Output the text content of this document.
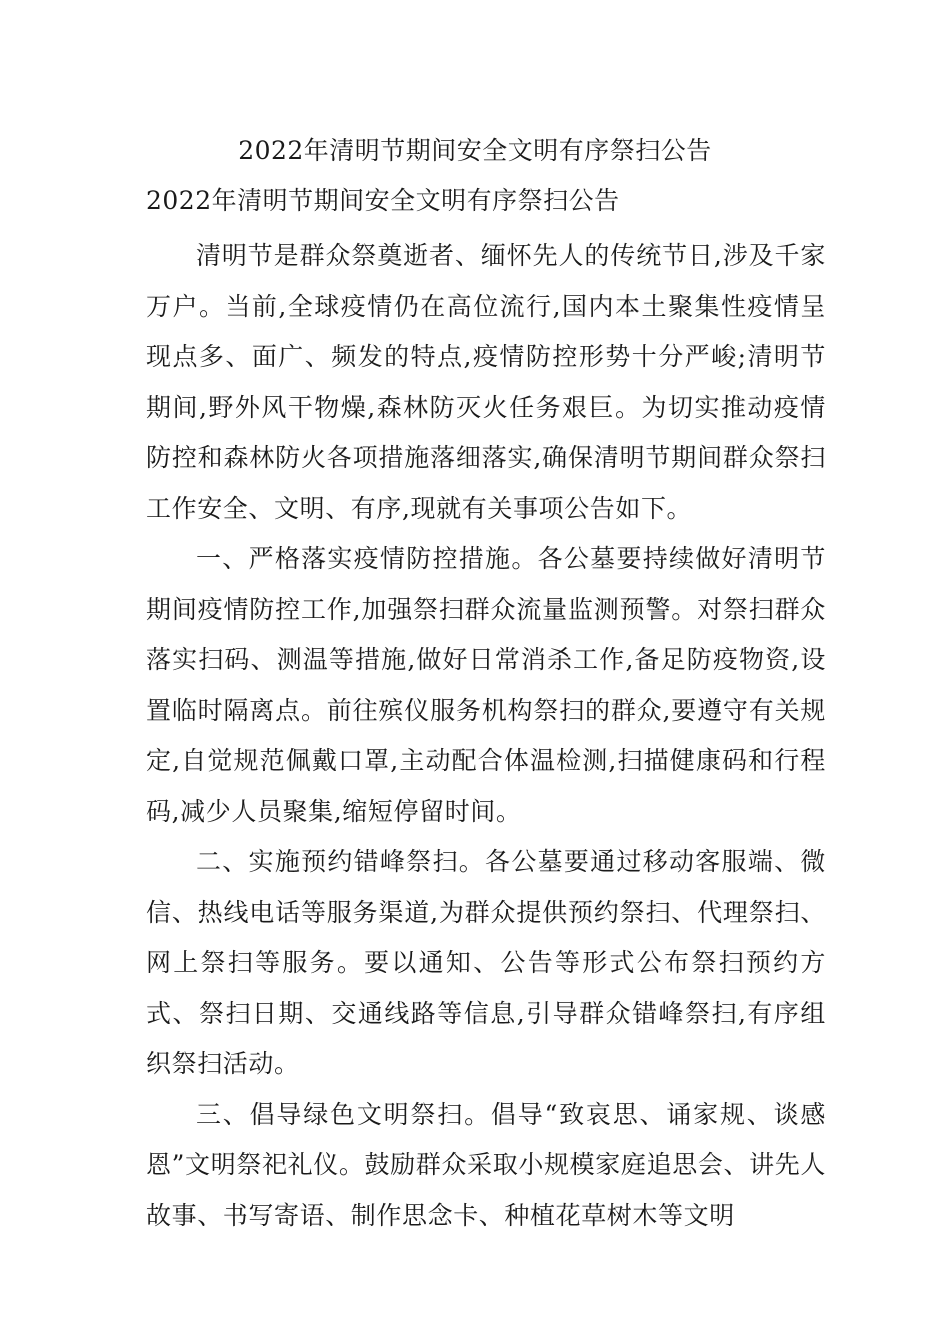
2022年清明节期间安全文明有序祭扫公告
2022年清明节期间安全文明有序祭扫公告

清明节是群众祭奠逝者、缅怀先人的传统节日,涉及千家万户。当前,全球疫情仍在高位流行,国内本土聚集性疫情呈现点多、面广、频发的特点,疫情防控形势十分严峻;清明节期间,野外风干物燥,森林防灭火任务艰巨。为切实推动疫情防控和森林防火各项措施落细落实,确保清明节期间群众祭扫工作安全、文明、有序,现就有关事项公告如下。

一、严格落实疫情防控措施。各公墓要持续做好清明节期间疫情防控工作,加强祭扫群众流量监测预警。对祭扫群众落实扫码、测温等措施,做好日常消杀工作,备足防疫物资,设置临时隔离点。前往殡仪服务机构祭扫的群众,要遵守有关规定,自觉规范佩戴口罩,主动配合体温检测,扫描健康码和行程码,减少人员聚集,缩短停留时间。

二、实施预约错峰祭扫。各公墓要通过移动客服端、微信、热线电话等服务渠道,为群众提供预约祭扫、代理祭扫、网上祭扫等服务。要以通知、公告等形式公布祭扫预约方式、祭扫日期、交通线路等信息,引导群众错峰祭扫,有序组织祭扫活动。

三、倡导绿色文明祭扫。倡导“致哀思、诵家规、谈感恩”文明祭祀礼仪。鼓励群众采取小规模家庭追思会、讲先人故事、书写寄语、制作思念卡、种植花草树木等文明
